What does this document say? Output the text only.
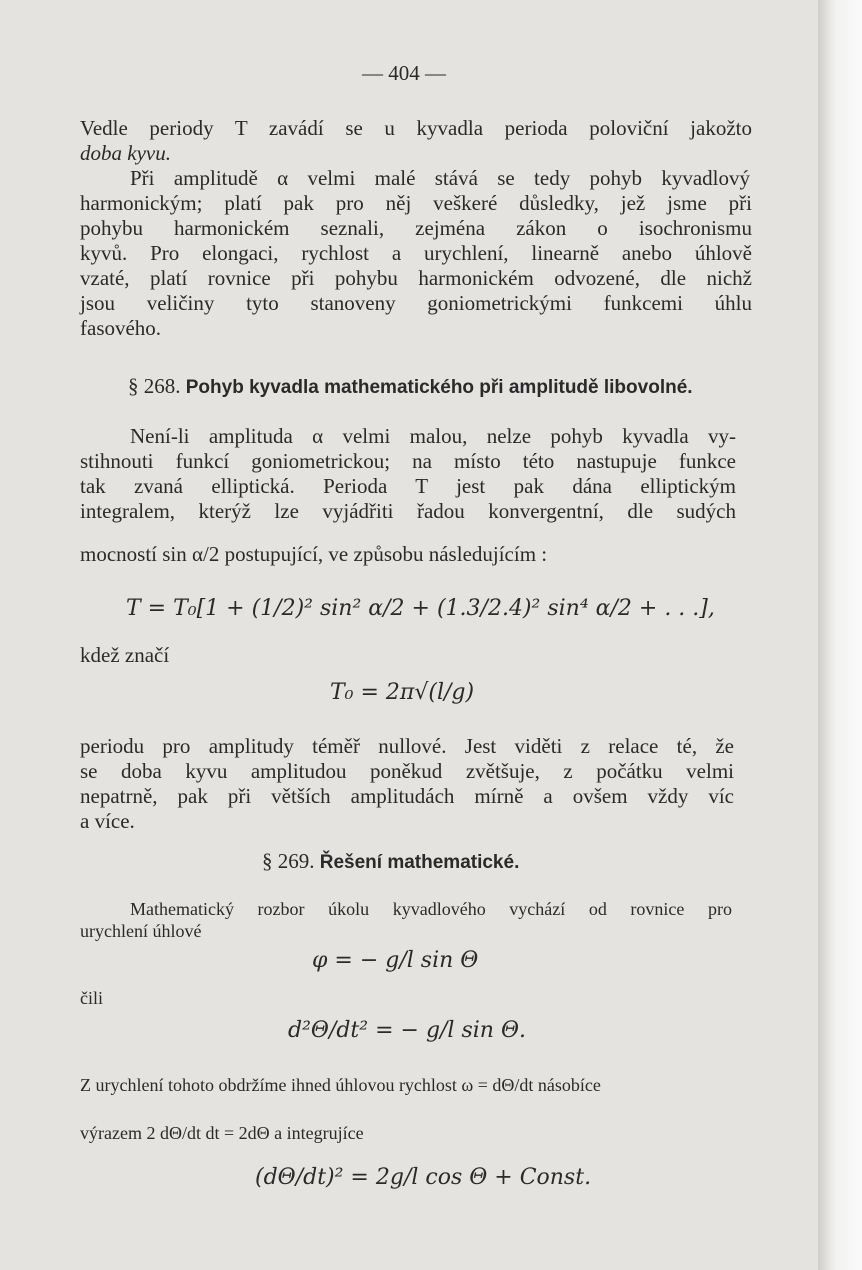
— 404 —
Vedle periody T zavádí se u kyvadla perioda poloviční jakožto
doba kyvu.
Při amplitudě α velmi malé stává se tedy pohyb kyvadlový
harmonickým; platí pak pro něj veškeré důsledky, jež jsme při
pohybu harmonickém seznali, zejména zákon o isochronismu
kyvů. Pro elongaci, rychlost a urychlení, linearně anebo úhlově
vzaté, platí rovnice při pohybu harmonickém odvozené, dle nichž
jsou veličiny tyto stanoveny goniometrickými funkcemi úhlu
fasového.
§ 268. Pohyb kyvadla mathematického při amplitudě libovolné.
Není-li amplituda α velmi malou, nelze pohyb kyvadla vy-
stihnouti funkcí goniometrickou; na místo této nastupuje funkce
tak zvaná elliptická. Perioda T jest pak dána elliptickým
integralem, kterýž lze vyjádřiti řadou konvergentní, dle sudých
mocností sin α/2 postupující, ve způsobu následujícím :
T = T₀[1 + (1/2)² sin² α/2 + (1.3/2.4)² sin⁴ α/2 + . . .],
kdež značí
T₀ = 2π√(l/g)
periodu pro amplitudy téměř nullové. Jest viděti z relace té, že
se doba kyvu amplitudou poněkud zvětšuje, z počátku velmi
nepatrně, pak při větších amplitudách mírně a ovšem vždy víc
a více.
§ 269. Řešení mathematické.
Mathematický rozbor úkolu kyvadlového vychází od rovnice pro
urychlení úhlové
φ = − g/l sin Θ
čili
d²Θ/dt² = − g/l sin Θ.
Z urychlení tohoto obdržíme ihned úhlovou rychlost ω = dΘ/dt násobíce
výrazem 2 dΘ/dt dt = 2dΘ a integrujíce
(dΘ/dt)² = 2g/l cos Θ + Const.
